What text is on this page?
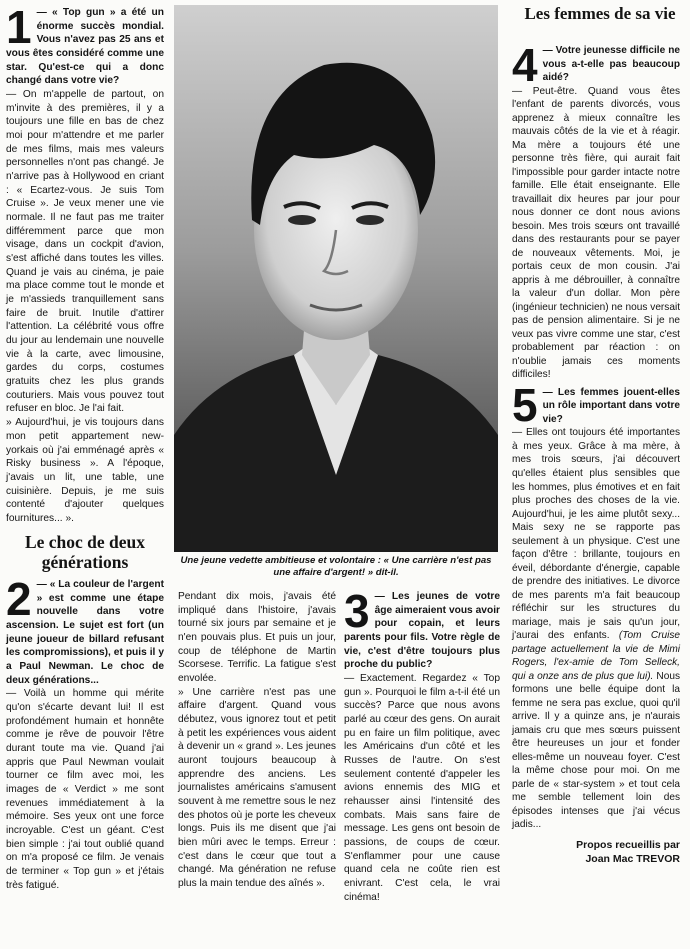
1 — « Top gun » a été un énorme succès mondial. Vous n'avez pas 25 ans et vous êtes considéré comme une star. Qu'est-ce qui a donc changé dans votre vie?

— On m'appelle de partout, on m'invite à des premières, il y a toujours une fille en bas de chez moi pour m'attendre et me parler de mes films, mais mes valeurs personnelles n'ont pas changé. Je n'arrive pas à Hollywood en criant : « Ecartez-vous. Je suis Tom Cruise ». Je veux mener une vie normale. Il ne faut pas me traiter différemment parce que mon visage, dans un cockpit d'avion, s'est affiché dans toutes les villes. Quand je vais au cinéma, je paie ma place comme tout le monde et je m'assieds tranquillement sans faire de bruit. Inutile d'attirer l'attention. La célébrité vous offre du jour au lendemain une nouvelle vie à la carte, avec limousine, gardes du corps, costumes gratuits chez les plus grands couturiers. Mais vous pouvez tout refuser en bloc. Je l'ai fait.

» Aujourd'hui, je vis toujours dans mon petit appartement new-yorkais où j'ai emménagé après « Risky business ». A l'époque, j'avais un lit, une table, une cuisinière. Depuis, je me suis contenté d'ajouter quelques fournitures... ».

Le choc de deux générations
2 — « La couleur de l'argent » est comme une étape nouvelle dans votre ascension. Le sujet est fort (un jeune joueur de billard refusant les compromissions), et puis il y a Paul Newman. Le choc de deux générations...

— Voilà un homme qui mérite qu'on s'écarte devant lui! Il est profondément humain et honnête comme je rêve de pouvoir l'être durant toute ma vie. Quand j'ai appris que Paul Newman voulait tourner ce film avec moi, les images de « Verdict » me sont revenues immédiatement à la mémoire. Ses yeux ont une force incroyable. C'est un géant. C'est bien simple : j'ai tout oublié quand on m'a proposé ce film. Je venais de terminer « Top gun » et j'étais très fatigué.

Une jeune vedette ambitieuse et volontaire : « Une carrière n'est pas une affaire d'argent! » dit-il.

Pendant dix mois, j'avais été impliqué dans l'histoire, j'avais tourné six jours par semaine et je n'en pouvais plus. Et puis un jour, coup de téléphone de Martin Scorsese. Terrific. La fatigue s'est envolée.

» Une carrière n'est pas une affaire d'argent. Quand vous débutez, vous ignorez tout et petit à petit les expériences vous aident à devenir un « grand ». Les jeunes auront toujours beaucoup à apprendre des anciens. Les journalistes américains s'amusent souvent à me remettre sous le nez des photos où je porte les cheveux longs. Puis ils me disent que j'ai bien mûri avec le temps. Erreur : c'est dans le cœur que tout a changé. Ma génération ne refuse plus la main tendue des aînés ».

3 — Les jeunes de votre âge aimeraient vous avoir pour copain, et leurs parents pour fils. Votre règle de vie, c'est d'être toujours plus proche du public?

— Exactement. Regardez « Top gun ». Pourquoi le film a-t-il été un succès? Parce que nous avons parlé au cœur des gens. On aurait pu en faire un film politique, avec les Américains d'un côté et les Russes de l'autre. On s'est seulement contenté d'appeler les avions ennemis des MIG et rehausser ainsi l'intensité des combats. Mais sans faire de message. Les gens ont besoin de passions, de coups de cœur. S'enflammer pour une cause quand cela ne coûte rien est enivrant. C'est cela, le vrai cinéma!

Les femmes de sa vie
4 — Votre jeunesse difficile ne vous a-t-elle pas beaucoup aidé?

— Peut-être. Quand vous êtes l'enfant de parents divorcés, vous apprenez à mieux connaître les mauvais côtés de la vie et à réagir. Ma mère a toujours été une personne très fière, qui aurait fait l'impossible pour garder intacte notre famille. Elle était enseignante. Elle travaillait dix heures par jour pour nous donner ce dont nous avions besoin. Mes trois sœurs ont travaillé dans des restaurants pour se payer de nouveaux vêtements. Moi, je portais ceux de mon cousin. J'ai appris à me débrouiller, à connaître la valeur d'un dollar. Mon père (ingénieur technicien) ne nous versait pas de pension alimentaire. Si je ne veux pas vivre comme une star, c'est probablement par réaction : on n'oublie jamais ces moments difficiles!

5 — Les femmes jouent-elles un rôle important dans votre vie?

— Elles ont toujours été importantes à mes yeux. Grâce à ma mère, à mes trois sœurs, j'ai découvert qu'elles étaient plus sensibles que les hommes, plus émotives et en fait plus proches des choses de la vie. Aujourd'hui, je les aime plutôt sexy... Mais sexy ne se rapporte pas seulement à un physique. C'est une façon d'être : brillante, toujours en éveil, débordante d'énergie, capable de prendre des initiatives. Le divorce de mes parents m'a fait beaucoup réfléchir sur les structures du mariage, mais je sais qu'un jour, j'aurai des enfants. (Tom Cruise partage actuellement la vie de Mimi Rogers, l'ex-amie de Tom Selleck, qui a onze ans de plus que lui). Nous formons une belle équipe dont la femme ne sera pas exclue, quoi qu'il arrive. Il y a quinze ans, je n'aurais jamais cru que mes sœurs puissent être heureuses un jour et fonder elles-même un nouveau foyer. C'est la même chose pour moi. On me parle de « star-system » et tout cela me semble tellement loin des épisodes intenses que j'ai vécus jadis...

Propos recueillis par

Joan Mac TREVOR
